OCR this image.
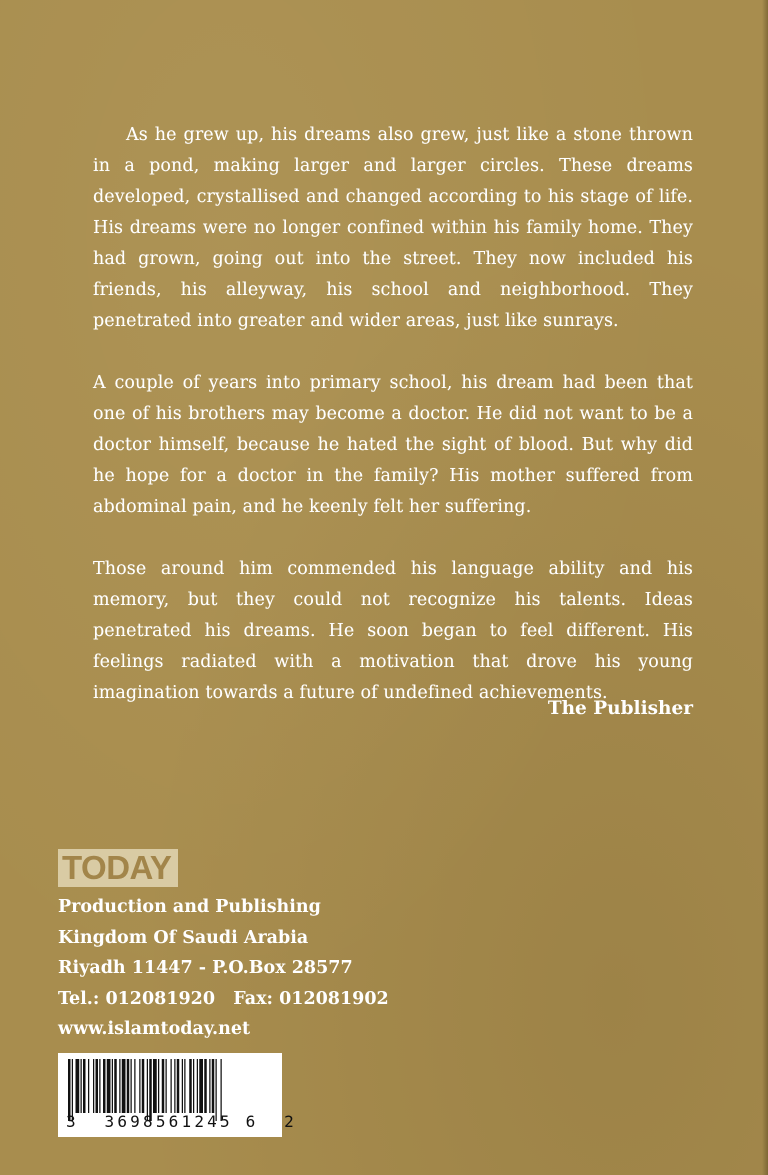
As he grew up, his dreams also grew, just like a stone thrown in a pond, making larger and larger circles. These dreams developed, crystallised and changed according to his stage of life. His dreams were no longer confined within his family home. They had grown, going out into the street. They now included his friends, his alleyway, his school and neighborhood. They penetrated into greater and wider areas, just like sunrays.

A couple of years into primary school, his dream had been that one of his brothers may become a doctor. He did not want to be a doctor himself, because he hated the sight of blood. But why did he hope for a doctor in the family? His mother suffered from abdominal pain, and he keenly felt her suffering.

Those around him commended his language ability and his memory, but they could not recognize his talents. Ideas penetrated his dreams. He soon began to feel different. His feelings radiated with a motivation that drove his young imagination towards a future of undefined achievements.

The Publisher
TODAY
Production and Publishing
Kingdom Of Saudi Arabia
Riyadh 11447 - P.O.Box 28577
Tel.: 012081920   Fax: 012081902
www.islamtoday.net
3  3698561245 6  2
